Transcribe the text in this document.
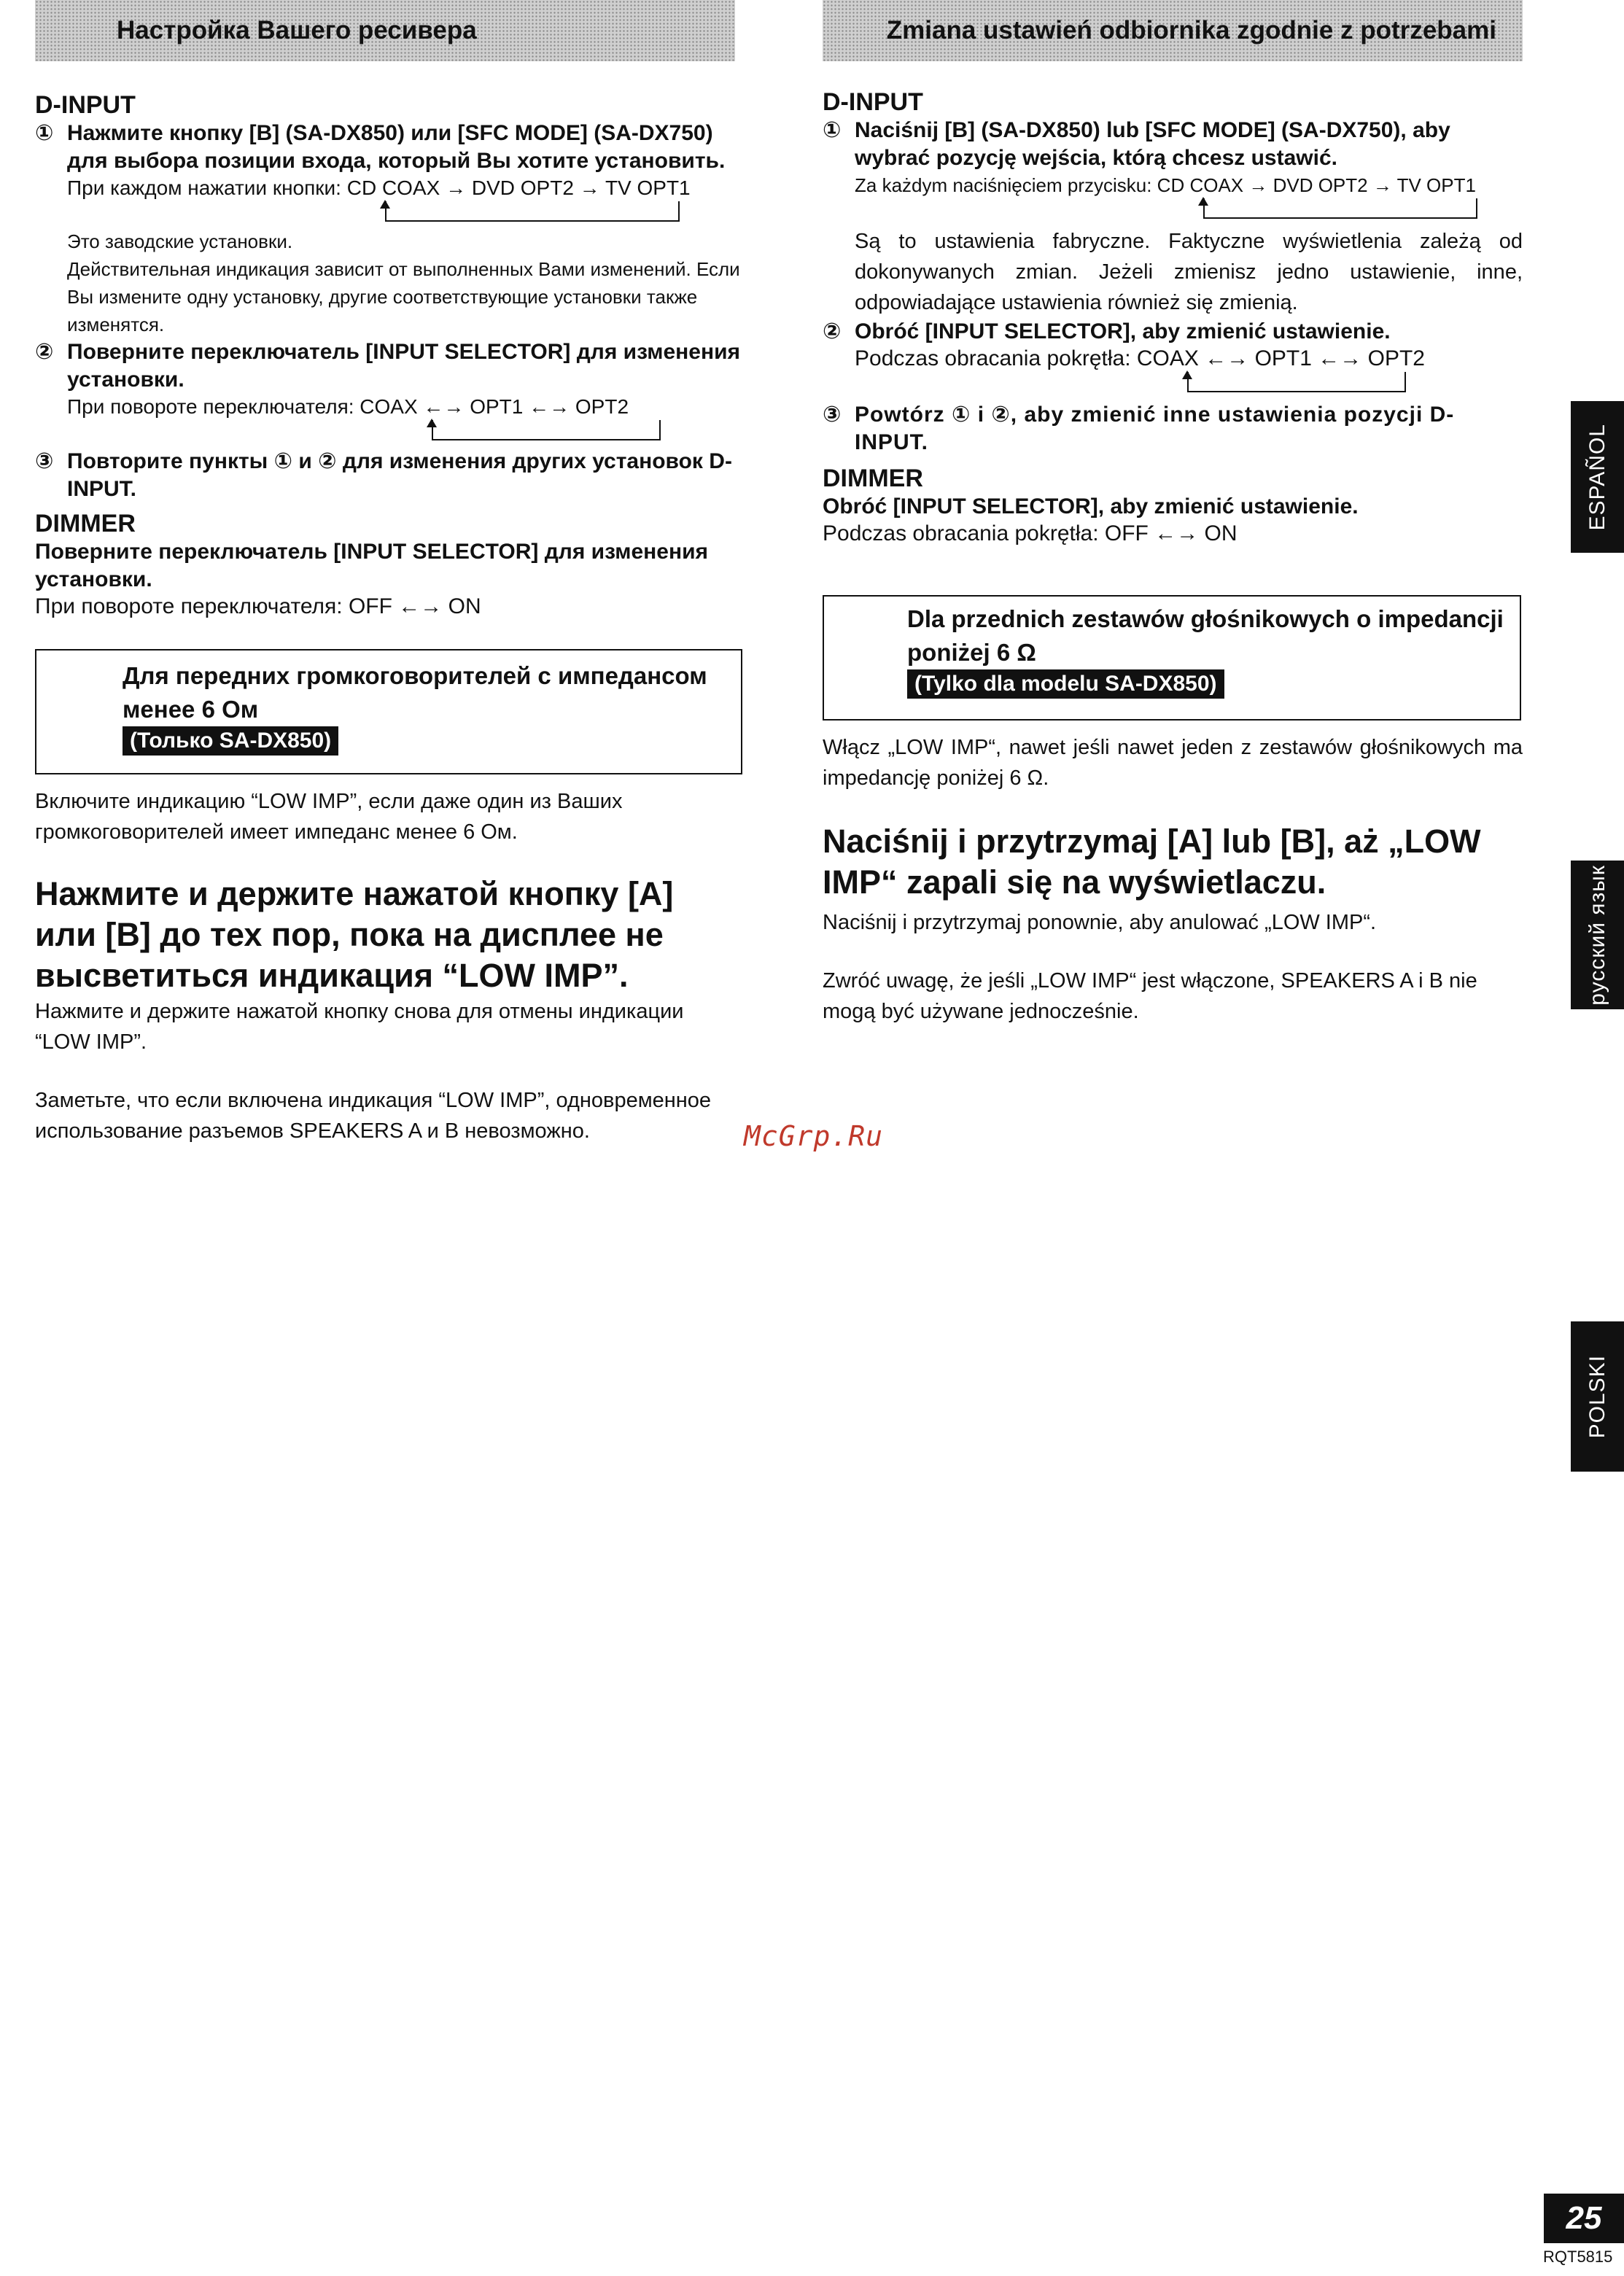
Настройка Вашего ресивера
D-INPUT
① Нажмите кнопку [B] (SA-DX850) или [SFC MODE] (SA-DX750) для выбора позиции входа, который Вы хотите установить.
При каждом нажатии кнопки: CD COAX → DVD OPT2 → TV OPT1
Это заводские установки.
Действительная индикация зависит от выполненных Вами изменений. Если Вы измените одну установку, другие соответствующие установки также изменятся.
② Поверните переключатель [INPUT SELECTOR] для изменения установки.
При повороте переключателя: COAX ←→ OPT1 ←→ OPT2
③ Повторите пункты ① и ② для изменения других установок D-INPUT.
DIMMER
Поверните переключатель [INPUT SELECTOR] для изменения установки.
При повороте переключателя: OFF ←→ ON
Для передних громкоговорителей с импедансом менее 6 Ом
(Только SA-DX850)
Включите индикацию “LOW IMP”, если даже один из Ваших громкоговорителей имеет импеданс менее 6 Ом.
Нажмите и держите нажатой кнопку [A] или [B] до тех пор, пока на дисплее не высветиться индикация “LOW IMP”.
Нажмите и держите нажатой кнопку снова для отмены индикации “LOW IMP”.
Заметьте, что если включена индикация “LOW IMP”, одновременное использование разъемов SPEAKERS A и B невозможно.
Zmiana ustawień odbiornika zgodnie z potrzebami
D-INPUT
① Naciśnij [B] (SA-DX850) lub [SFC MODE] (SA-DX750), aby wybrać pozycję wejścia, którą chcesz ustawić.
Za każdym naciśnięciem przycisku: CD COAX → DVD OPT2 → TV OPT1
Są to ustawienia fabryczne. Faktyczne wyświetlenia zależą od dokonywanych zmian. Jeżeli zmienisz jedno ustawienie, inne, odpowiadające ustawienia również się zmienią.
② Obróć [INPUT SELECTOR], aby zmienić ustawienie.
Podczas obracania pokrętła: COAX ←→ OPT1 ←→ OPT2
③ Powtórz ① i ②, aby zmienić inne ustawienia pozycji D-INPUT.
DIMMER
Obróć [INPUT SELECTOR], aby zmienić ustawienie.
Podczas obracania pokrętła: OFF ←→ ON
Dla przednich zestawów głośnikowych o impedancji poniżej 6 Ω
(Tylko dla modelu SA-DX850)
Włącz „LOW IMP“, nawet jeśli nawet jeden z zestawów głośnikowych ma impedancję poniżej 6 Ω.
Naciśnij i przytrzymaj [A] lub [B], aż „LOW IMP“ zapali się na wyświetlaczu.
Naciśnij i przytrzymaj ponownie, aby anulować „LOW IMP“.
Zwróć uwagę, że jeśli „LOW IMP“ jest włączone, SPEAKERS A i B nie mogą być używane jednocześnie.
ESPAÑOL
русский язык
POLSKI
McGrp.Ru
25
RQT5815
